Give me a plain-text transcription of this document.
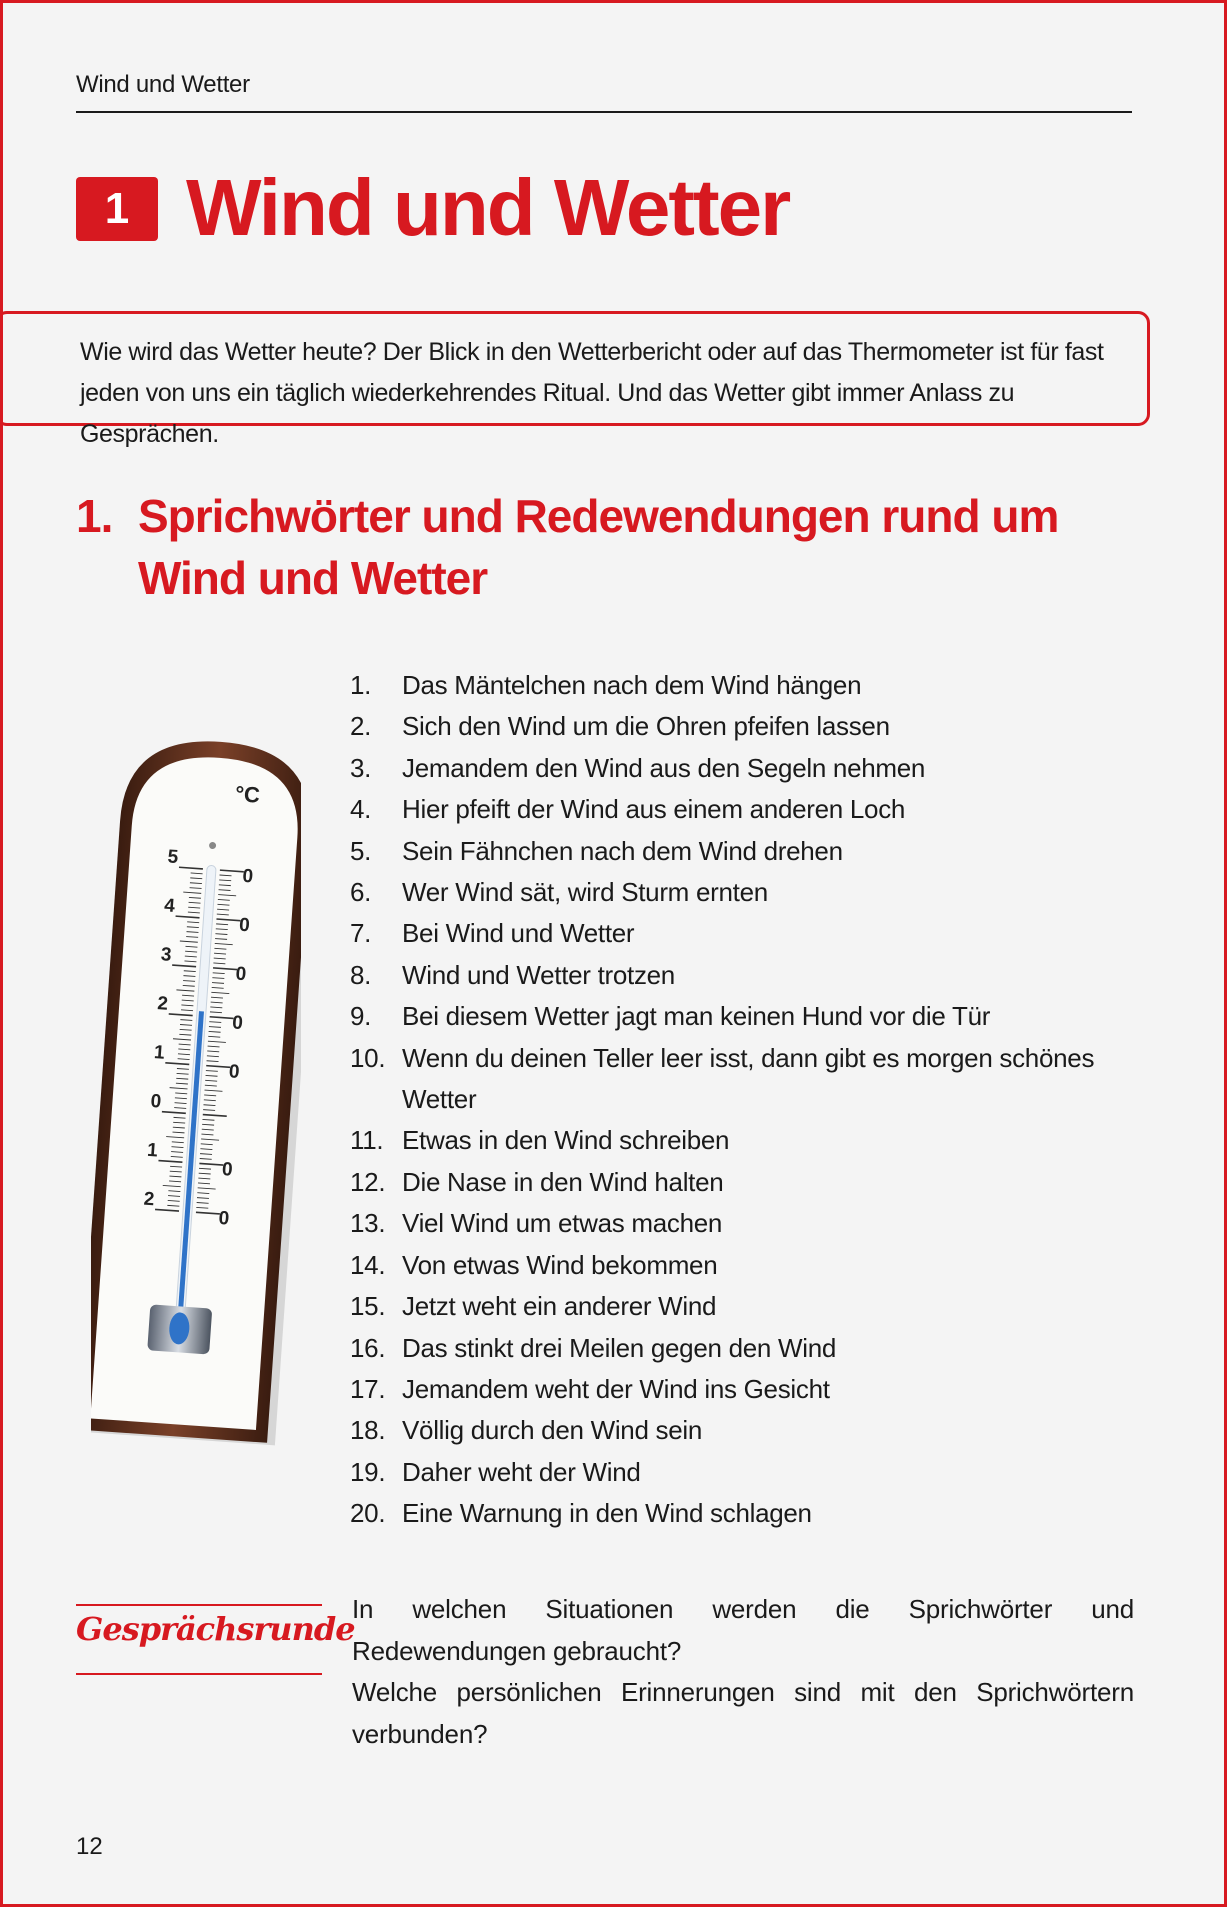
Wind und Wetter
1 Wind und Wetter
Wie wird das Wetter heute? Der Blick in den Wetterbericht oder auf das Thermometer ist für fast jeden von uns ein täglich wiederkehrendes Ritual. Und das Wetter gibt immer Anlass zu Gesprächen.
1. Sprichwörter und Redewendungen rund um Wind und Wetter
°C
5
0
4
0
3
0
2
0
1
0
0
1
0
2
0
1.	Das Mäntelchen nach dem Wind hängen
2.	Sich den Wind um die Ohren pfeifen lassen
3.	Jemandem den Wind aus den Segeln nehmen
4.	Hier pfeift der Wind aus einem anderen Loch
5.	Sein Fähnchen nach dem Wind drehen
6.	Wer Wind sät, wird Sturm ernten
7.	Bei Wind und Wetter
8.	Wind und Wetter trotzen
9.	Bei diesem Wetter jagt man keinen Hund vor die Tür
10. Wenn du deinen Teller leer isst, dann gibt es morgen schönes Wetter
11. Etwas in den Wind schreiben
12. Die Nase in den Wind halten
13. Viel Wind um etwas machen
14. Von etwas Wind bekommen
15. Jetzt weht ein anderer Wind
16. Das stinkt drei Meilen gegen den Wind
17. Jemandem weht der Wind ins Gesicht
18. Völlig durch den Wind sein
19. Daher weht der Wind
20. Eine Warnung in den Wind schlagen
Gesprächsrunde

In welchen Situationen werden die Sprichwörter und Redewendungen gebraucht?

Welche persönlichen Erinnerungen sind mit den Sprichwörtern verbunden?

12
